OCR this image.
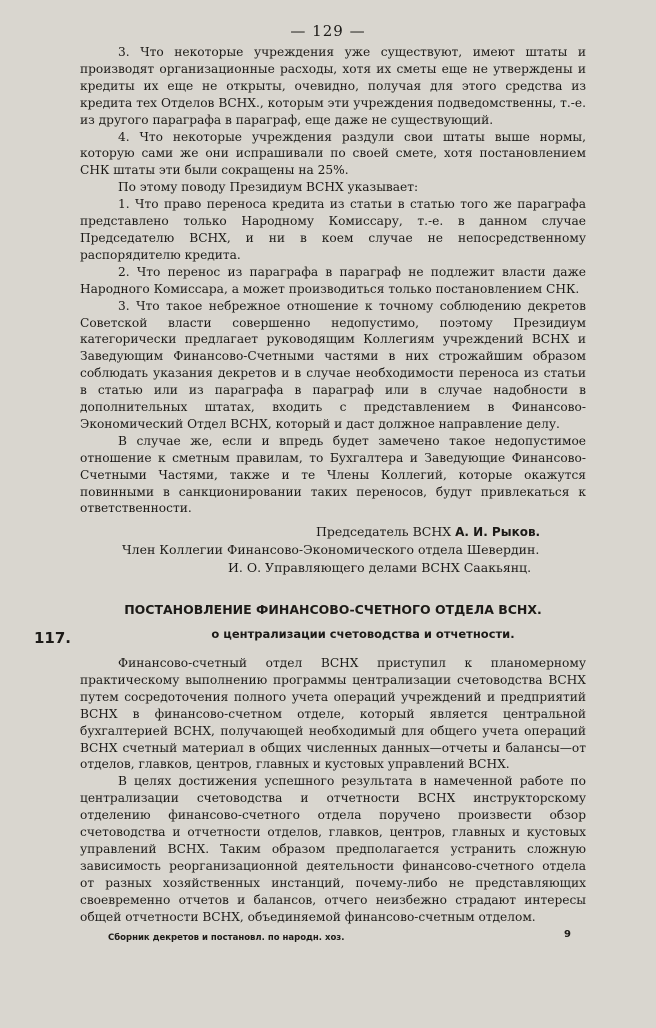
— 129 —

3. Что некоторые учреждения уже существуют, имеют штаты и производят организационные расходы, хотя их сметы еще не утверждены и кредиты их еще не открыты, очевидно, получая для этого средства из кредита тех Отделов ВСНХ., которым эти учреждения подведомственны, т.-е. из другого параграфа в параграф, еще даже не существующий.

4. Что некоторые учреждения раздули свои штаты выше нормы, которую сами же они испрашивали по своей смете, хотя постановлением СНК штаты эти были сокращены на 25%.

По этому поводу Президиум ВСНХ указывает:

1. Что право переноса кредита из статьи в статью того же параграфа представлено только Народному Комиссару, т.-е. в данном случае Председателю ВСНХ, и ни в коем случае не непосредственному распорядителю кредита.

2. Что перенос из параграфа в параграф не подлежит власти даже Народного Комиссара, а может производиться только постановлением СНК.

3. Что такое небрежное отношение к точному соблюдению декретов Советской власти совершенно недопустимо, поэтому Президиум категорически предлагает руководящим Коллегиям учреждений ВСНХ и Заведующим Финансово-Счетными частями в них строжайшим образом соблюдать указания декретов и в случае необходимости переноса из статьи в статью или из параграфа в параграф или в случае надобности в дополнительных штатах, входить с представлением в Финансово-Экономический Отдел ВСНХ, который и даст должное направление делу.

В случае же, если и впредь будет замечено такое недопустимое отношение к сметным правилам, то Бухгалтера и Заведующие Финансово-Счетными Частями, также и те Члены Коллегий, которые окажутся повинными в санкционировании таких переносов, будут привлекаться к ответственности.

Председатель ВСНХ А. И. Рыков.
Член Коллегии Финансово-Экономического отдела Шевердин.
И. О. Управляющего делами ВСНХ Саакьянц.
ПОСТАНОВЛЕНИЕ ФИНАНСОВО-СЧЕТНОГО ОТДЕЛА ВСНХ.
117.	о централизации счетоводства и отчетности.

Финансово-счетный отдел ВСНХ приступил к планомерному практическому выполнению программы централизации счетоводства ВСНХ путем сосредоточения полного учета операций учреждений и предприятий ВСНХ в финансово-счетном отделе, который является центральной бухгалтерией ВСНХ, получающей необходимый для общего учета операций ВСНХ счетный материал в общих численных данных—отчеты и балансы—от отделов, главков, центров, главных и кустовых управлений ВСНХ.

В целях достижения успешного результата в намеченной работе по централизации счетоводства и отчетности ВСНХ инструкторскому отделению финансово-счетного отдела поручено произвести обзор счетоводства и отчетности отделов, главков, центров, главных и кустовых управлений ВСНХ. Таким образом предполагается устранить сложную зависимость реорганизационной деятельности финансово-счетного отдела от разных хозяйственных инстанций, почему-либо не представляющих своевременно отчетов и балансов, отчего неизбежно страдают интересы общей отчетности ВСНХ, объединяемой финансово-счетным отделом.

Сборник декретов и постановл. по народн. хоз.	9
